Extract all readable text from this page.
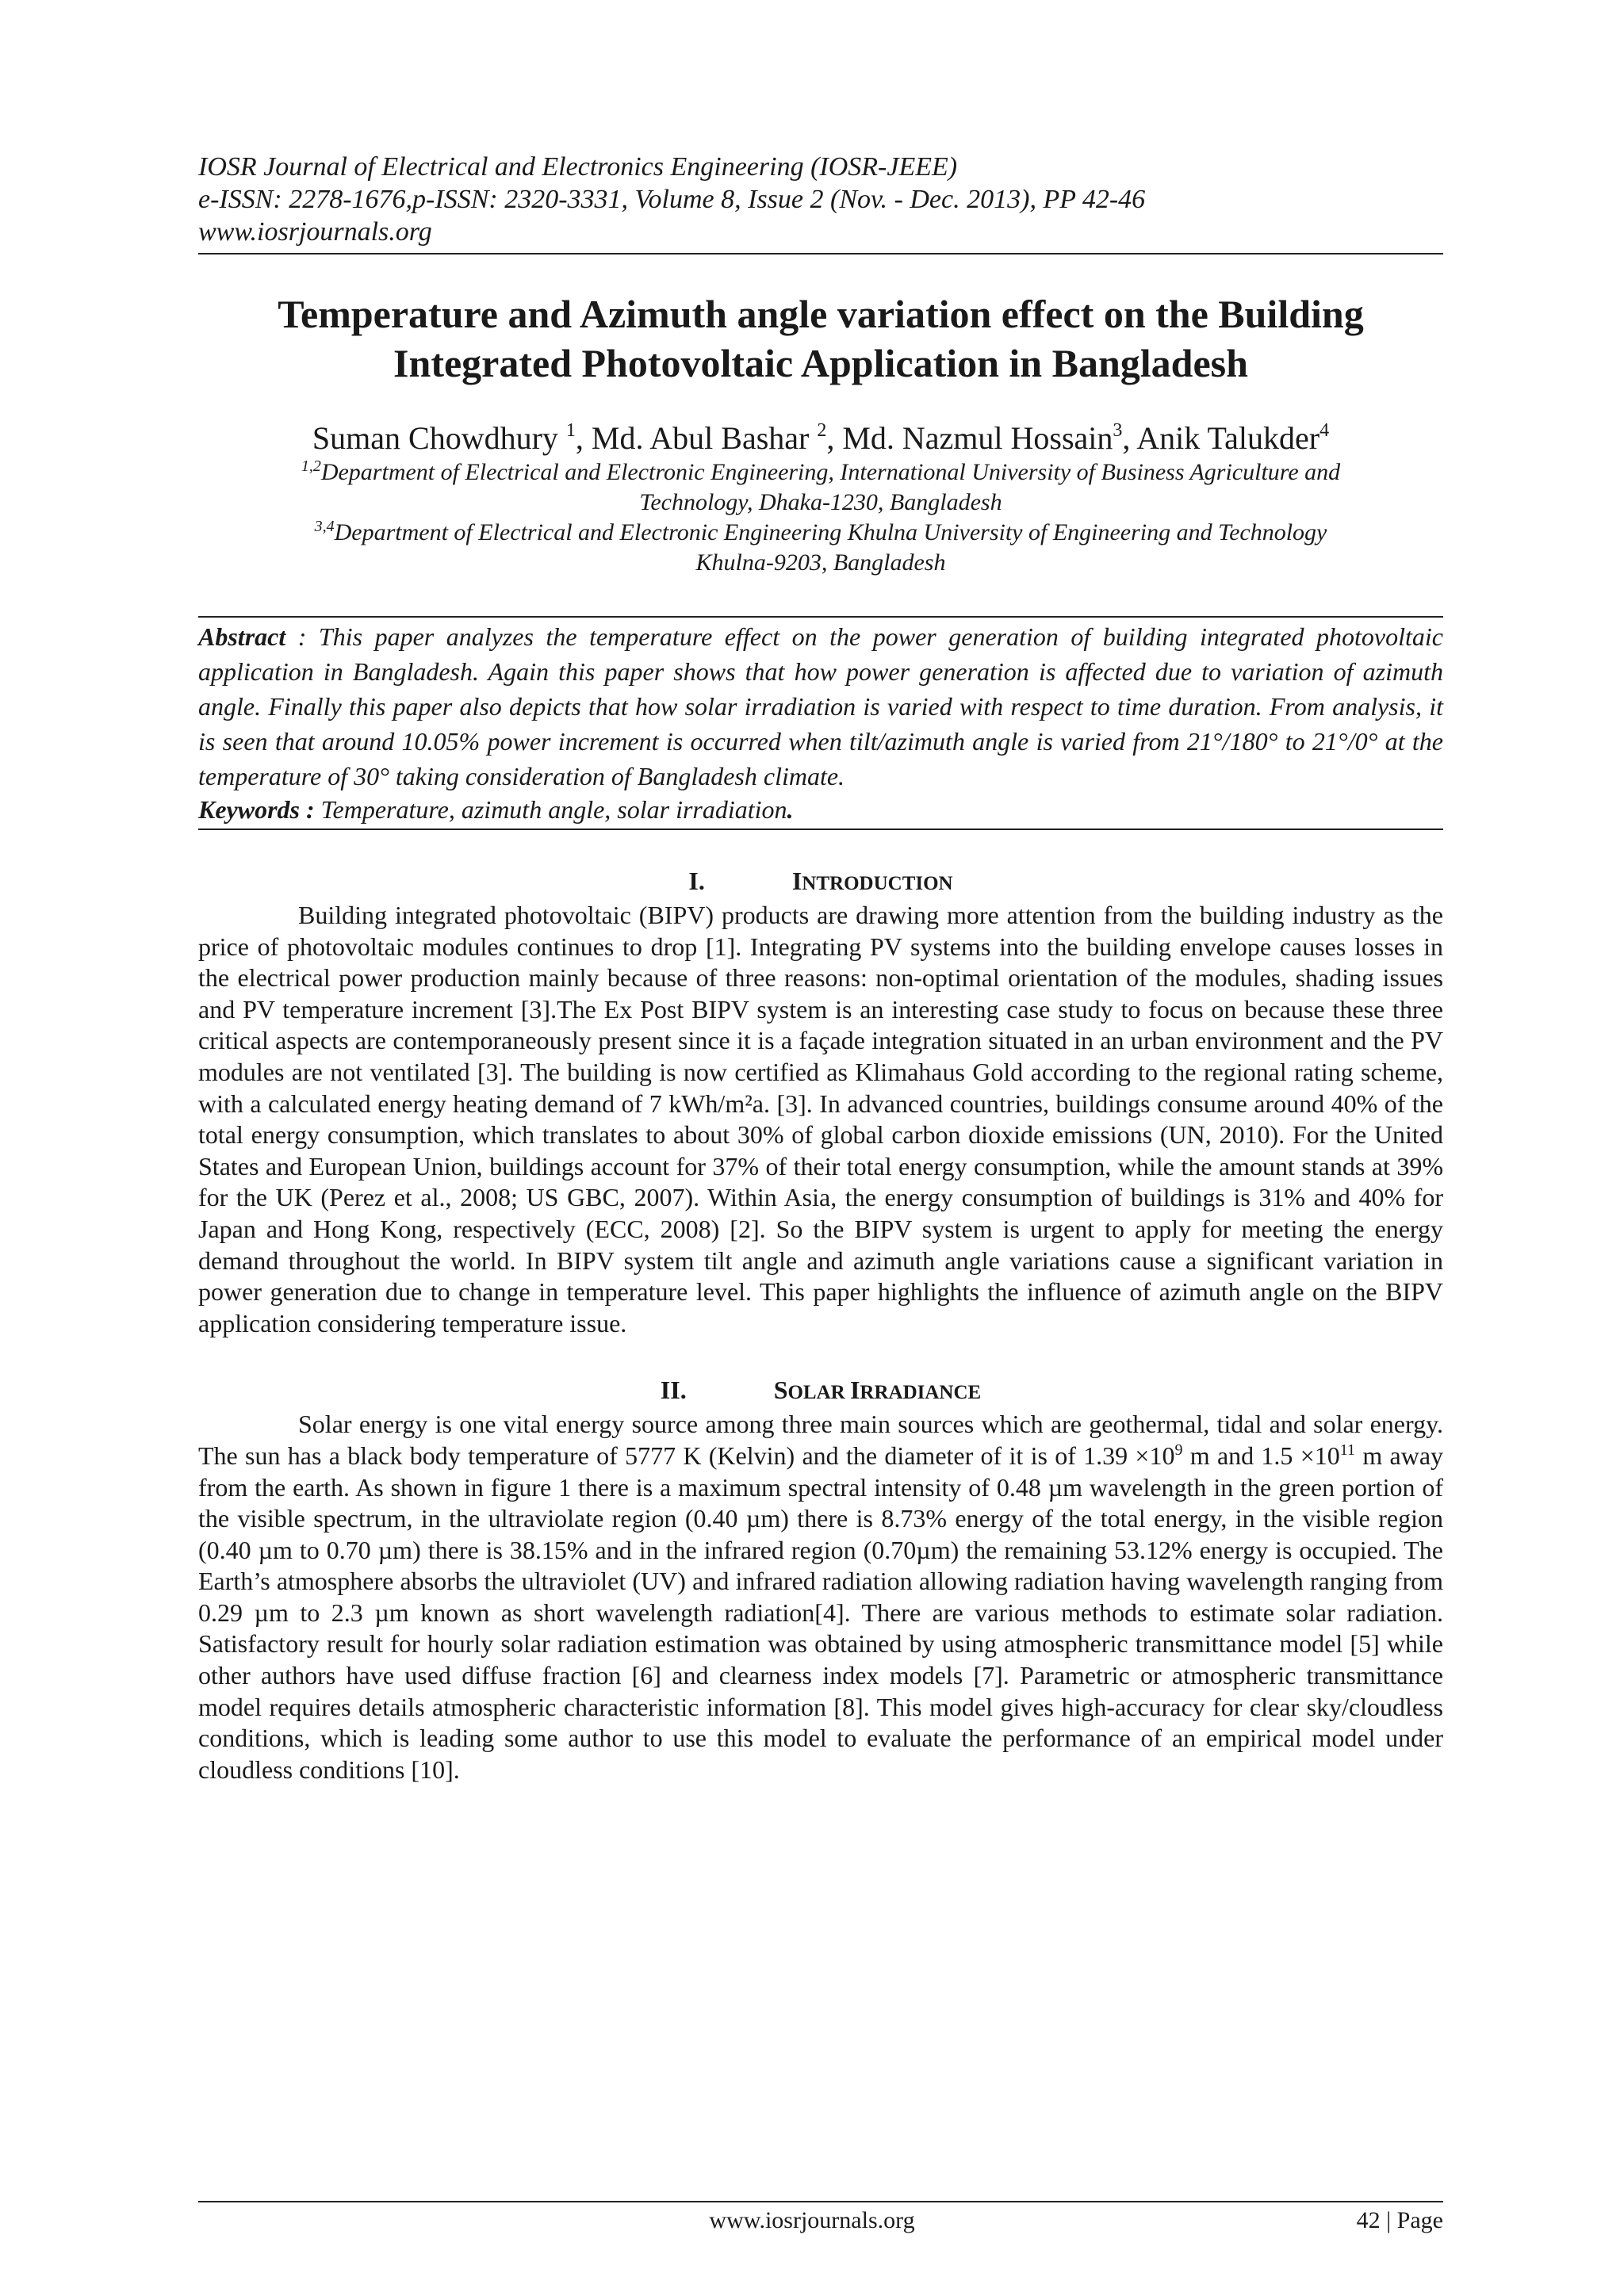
IOSR Journal of Electrical and Electronics Engineering (IOSR-JEEE)
e-ISSN: 2278-1676,p-ISSN: 2320-3331, Volume 8, Issue 2 (Nov. - Dec. 2013), PP 42-46
www.iosrjournals.org
Temperature and Azimuth angle variation effect on the Building
Integrated Photovoltaic Application in Bangladesh
Suman Chowdhury $^1$, Md. Abul Bashar $^2$, Md. Nazmul Hossain$^3$, Anik Talukder$^4$
$^{1,2}$Department of Electrical and Electronic Engineering, International University of Business Agriculture and
Technology, Dhaka-1230, Bangladesh
$^{3,4}$Department of Electrical and Electronic Engineering Khulna University of Engineering and Technology
Khulna-9203, Bangladesh
Abstract : This paper analyzes the temperature effect on the power generation of building integrated photovoltaic application in Bangladesh. Again this paper shows that how power generation is affected due to variation of azimuth angle. Finally this paper also depicts that how solar irradiation is varied with respect to time duration. From analysis, it is seen that around 10.05% power increment is occurred when tilt/azimuth angle is varied from 21°/180° to 21°/0° at the temperature of 30° taking consideration of Bangladesh climate.
Keywords : Temperature, azimuth angle, solar irradiation.
I.	INTRODUCTION

Building integrated photovoltaic (BIPV) products are drawing more attention from the building industry as the price of photovoltaic modules continues to drop [1]. Integrating PV systems into the building envelope causes losses in the electrical power production mainly because of three reasons: non-optimal orientation of the modules, shading issues and PV temperature increment [3].The Ex Post BIPV system is an interesting case study to focus on because these three critical aspects are contemporaneously present since it is a façade integration situated in an urban environment and the PV modules are not ventilated [3]. The building is now certified as Klimahaus Gold according to the regional rating scheme, with a calculated energy heating demand of 7 kWh/m²a. [3]. In advanced countries, buildings consume around 40% of the total energy consumption, which translates to about 30% of global carbon dioxide emissions (UN, 2010). For the United States and European Union, buildings account for 37% of their total energy consumption, while the amount stands at 39% for the UK (Perez et al., 2008; US GBC, 2007). Within Asia, the energy consumption of buildings is 31% and 40% for Japan and Hong Kong, respectively (ECC, 2008) [2]. So the BIPV system is urgent to apply for meeting the energy demand throughout the world. In BIPV system tilt angle and azimuth angle variations cause a significant variation in power generation due to change in temperature level. This paper highlights the influence of azimuth angle on the BIPV application considering temperature issue.

II.	SOLAR IRRADIANCE

Solar energy is one vital energy source among three main sources which are geothermal, tidal and solar energy. The sun has a black body temperature of 5777 K (Kelvin) and the diameter of it is of $1.39 \times 10^9$ m and $1.5 \times 10^{11}$ m away from the earth. As shown in figure 1 there is a maximum spectral intensity of 0.48 µm wavelength in the green portion of the visible spectrum, in the ultraviolate region (0.40 µm) there is 8.73% energy of the total energy, in the visible region (0.40 µm to 0.70 µm) there is 38.15% and in the infrared region (0.70µm) the remaining 53.12% energy is occupied. The Earth’s atmosphere absorbs the ultraviolet (UV) and infrared radiation allowing radiation having wavelength ranging from 0.29 µm to 2.3 µm known as short wavelength radiation[4]. There are various methods to estimate solar radiation. Satisfactory result for hourly solar radiation estimation was obtained by using atmospheric transmittance model [5] while other authors have used diffuse fraction [6] and clearness index models [7]. Parametric or atmospheric transmittance model requires details atmospheric characteristic information [8]. This model gives high-accuracy for clear sky/cloudless conditions, which is leading some author to use this model to evaluate the performance of an empirical model under cloudless conditions [10].

www.iosrjournals.org	42 | Page
